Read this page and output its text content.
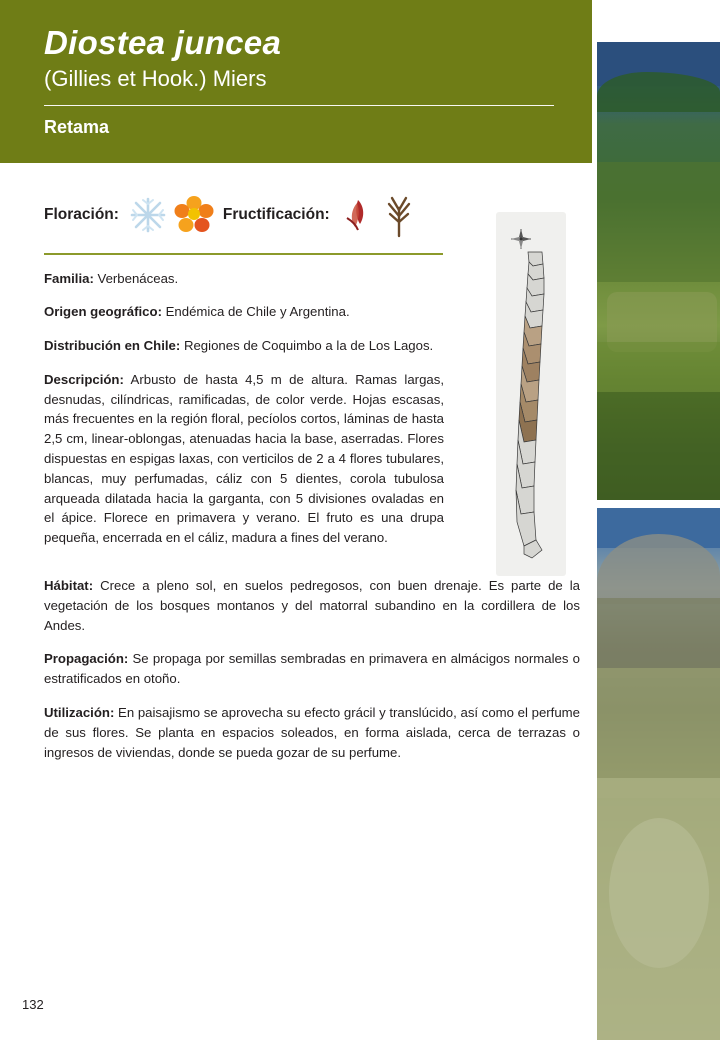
Diostea juncea
(Gillies et Hook.) Miers
Retama
Floración:	Fructificación:

Familia: Verbenáceas.

Origen geográfico: Endémica de Chile y Argentina.

Distribución en Chile: Regiones de Coquimbo a la de Los Lagos.

Descripción: Arbusto de hasta 4,5 m de altura. Ramas largas, desnudas, cilíndricas, ramificadas, de color verde. Hojas escasas, más frecuentes en la región floral, pecíolos cortos, láminas de hasta 2,5 cm, linear-oblongas, atenuadas hacia la base, aserradas. Flores dispuestas en espigas laxas, con verticilos de 2 a 4 flores tubulares, blancas, muy perfumadas, cáliz con 5 dientes, corola tubulosa arqueada dilatada hacia la garganta, con 5 divisiones ovaladas en el ápice. Florece en primavera y verano. El fruto es una drupa pequeña, encerrada en el cáliz, madura a fines del verano.

Hábitat: Crece a pleno sol, en suelos pedregosos, con buen drenaje. Es parte de la vegetación de los bosques montanos y del matorral subandino en la cordillera de los Andes.

Propagación: Se propaga por semillas sembradas en primavera en almácigos normales o estratificados en otoño.

Utilización: En paisajismo se aprovecha su efecto grácil y translúcido, así como el perfume de sus flores. Se planta en espacios soleados, en forma aislada, cerca de terrazas o ingresos de viviendas, donde se pueda gozar de su perfume.

132
